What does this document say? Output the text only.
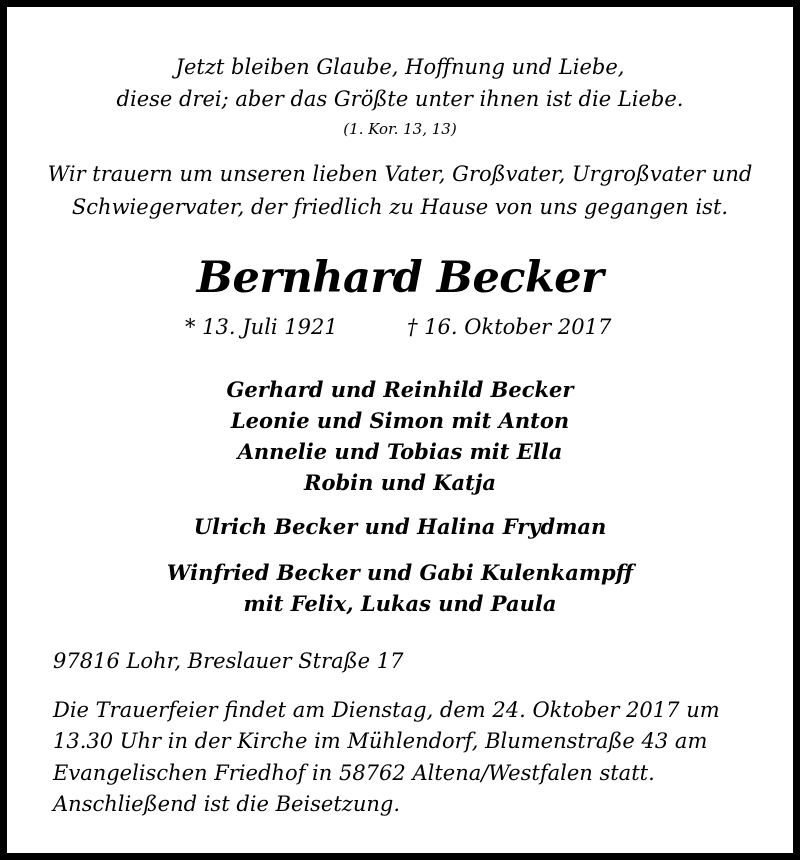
Jetzt bleiben Glaube, Hoffnung und Liebe,
diese drei; aber das Größte unter ihnen ist die Liebe.
(1. Kor. 13, 13)
Wir trauern um unseren lieben Vater, Großvater, Urgroßvater und
Schwiegervater, der friedlich zu Hause von uns gegangen ist.
Bernhard Becker
* 13. Juli 1921	† 16. Oktober 2017
Gerhard und Reinhild Becker
Leonie und Simon mit Anton
Annelie und Tobias mit Ella
Robin und Katja
Ulrich Becker und Halina Frydman
Winfried Becker und Gabi Kulenkampff
mit Felix, Lukas und Paula
97816 Lohr, Breslauer Straße 17
Die Trauerfeier findet am Dienstag, dem 24. Oktober 2017 um
13.30 Uhr in der Kirche im Mühlendorf, Blumenstraße 43 am
Evangelischen Friedhof in 58762 Altena/Westfalen statt.
Anschließend ist die Beisetzung.
